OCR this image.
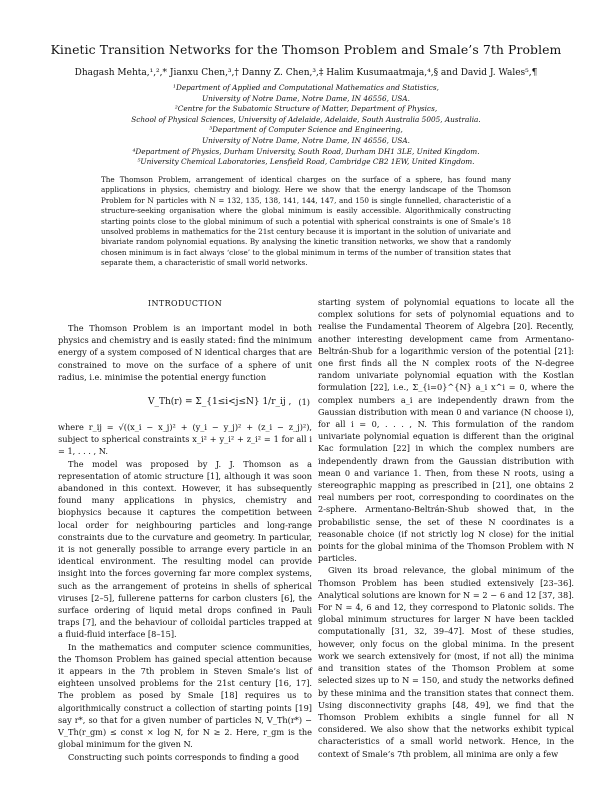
Kinetic Transition Networks for the Thomson Problem and Smale’s 7th Problem
Dhagash Mehta,¹,²,* Jianxu Chen,³,† Danny Z. Chen,³,‡ Halim Kusumaatmaja,⁴,§ and David J. Wales⁵,¶
¹Department of Applied and Computational Mathematics and Statistics,
University of Notre Dame, Notre Dame, IN 46556, USA.
²Centre for the Subatomic Structure of Matter, Department of Physics,
School of Physical Sciences, University of Adelaide, Adelaide, South Australia 5005, Australia.
³Department of Computer Science and Engineering,
University of Notre Dame, Notre Dame, IN 46556, USA.
⁴Department of Physics, Durham University, South Road, Durham DH1 3LE, United Kingdom.
⁵University Chemical Laboratories, Lensfield Road, Cambridge CB2 1EW, United Kingdom.
The Thomson Problem, arrangement of identical charges on the surface of a sphere, has found many applications in physics, chemistry and biology. Here we show that the energy landscape of the Thomson Problem for N particles with N = 132, 135, 138, 141, 144, 147, and 150 is single funnelled, characteristic of a structure-seeking organisation where the global minimum is easily accessible. Algorithmically constructing starting points close to the global minimum of such a potential with spherical constraints is one of Smale’s 18 unsolved problems in mathematics for the 21st century because it is important in the solution of univariate and bivariate random polynomial equations. By analysing the kinetic transition networks, we show that a randomly chosen minimum is in fact always ‘close’ to the global minimum in terms of the number of transition states that separate them, a characteristic of small world networks.
INTRODUCTION

The Thomson Problem is an important model in both physics and chemistry and is easily stated: find the minimum energy of a system composed of N identical charges that are constrained to move on the surface of a sphere of unit radius, i.e. minimise the potential energy function

V_Th(r) = Σ_{1≤i<j≤N} 1/r_ij , (1)

where r_ij = √((x_i − x_j)² + (y_i − y_j)² + (z_i − z_j)²), subject to spherical constraints x_i² + y_i² + z_i² = 1 for all i = 1, . . . , N.

The model was proposed by J. J. Thomson as a representation of atomic structure [1], although it was soon abandoned in this context. However, it has subsequently found many applications in physics, chemistry and biophysics because it captures the competition between local order for neighbouring particles and long-range constraints due to the curvature and geometry. In particular, it is not generally possible to arrange every particle in an identical environment. The resulting model can provide insight into the forces governing far more complex systems, such as the arrangement of proteins in shells of spherical viruses [2–5], fullerene patterns for carbon clusters [6], the surface ordering of liquid metal drops confined in Pauli traps [7], and the behaviour of colloidal particles trapped at a fluid-fluid interface [8–15].

In the mathematics and computer science communities, the Thomson Problem has gained special attention because it appears in the 7th problem in Steven Smale’s list of eighteen unsolved problems for the 21st century [16, 17]. The problem as posed by Smale [18] requires us to algorithmically construct a collection of starting points [19] say r*, so that for a given number of particles N, V_Th(r*) − V_Th(r_gm) ≤ const × log N, for N ≥ 2. Here, r_gm is the global minimum for the given N.

Constructing such points corresponds to finding a good

starting system of polynomial equations to locate all the complex solutions for sets of polynomial equations and to realise the Fundamental Theorem of Algebra [20]. Recently, another interesting development came from Armentano-Beltrán-Shub for a logarithmic version of the potential [21]: one first finds all the N complex roots of the N-degree random univariate polynomial equation with the Kostlan formulation [22], i.e., Σ_{i=0}^{N} a_i x^i = 0, where the complex numbers a_i are independently drawn from the Gaussian distribution with mean 0 and variance (N choose i), for all i = 0, . . . , N. This formulation of the random univariate polynomial equation is different than the original Kac formulation [22] in which the complex numbers are independently drawn from the Gaussian distribution with mean 0 and variance 1. Then, from these N roots, using a stereographic mapping as prescribed in [21], one obtains 2 real numbers per root, corresponding to coordinates on the 2-sphere. Armentano-Beltrán-Shub showed that, in the probabilistic sense, the set of these N coordinates is a reasonable choice (if not strictly log N close) for the initial points for the global minima of the Thomson Problem with N particles.

Given its broad relevance, the global minimum of the Thomson Problem has been studied extensively [23–36]. Analytical solutions are known for N = 2 − 6 and 12 [37, 38]. For N = 4, 6 and 12, they correspond to Platonic solids. The global minimum structures for larger N have been tackled computationally [31, 32, 39–47]. Most of these studies, however, only focus on the global minima. In the present work we search extensively for (most, if not all) the minima and transition states of the Thomson Problem at some selected sizes up to N = 150, and study the networks defined by these minima and the transition states that connect them. Using disconnectivity graphs [48, 49], we find that the Thomson Problem exhibits a single funnel for all N considered. We also show that the networks exhibit typical characteristics of a small world network. Hence, in the context of Smale’s 7th problem, all minima are only a few
